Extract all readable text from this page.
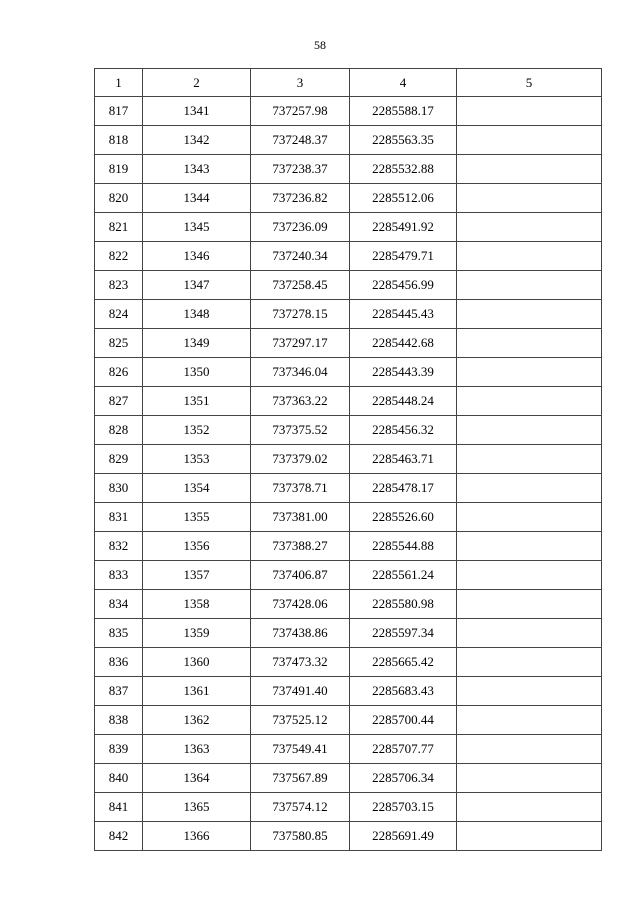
58
1	2	3	4	5
817	1341	737257.98	2285588.17	
818	1342	737248.37	2285563.35	
819	1343	737238.37	2285532.88	
820	1344	737236.82	2285512.06	
821	1345	737236.09	2285491.92	
822	1346	737240.34	2285479.71	
823	1347	737258.45	2285456.99	
824	1348	737278.15	2285445.43	
825	1349	737297.17	2285442.68	
826	1350	737346.04	2285443.39	
827	1351	737363.22	2285448.24	
828	1352	737375.52	2285456.32	
829	1353	737379.02	2285463.71	
830	1354	737378.71	2285478.17	
831	1355	737381.00	2285526.60	
832	1356	737388.27	2285544.88	
833	1357	737406.87	2285561.24	
834	1358	737428.06	2285580.98	
835	1359	737438.86	2285597.34	
836	1360	737473.32	2285665.42	
837	1361	737491.40	2285683.43	
838	1362	737525.12	2285700.44	
839	1363	737549.41	2285707.77	
840	1364	737567.89	2285706.34	
841	1365	737574.12	2285703.15	
842	1366	737580.85	2285691.49	
